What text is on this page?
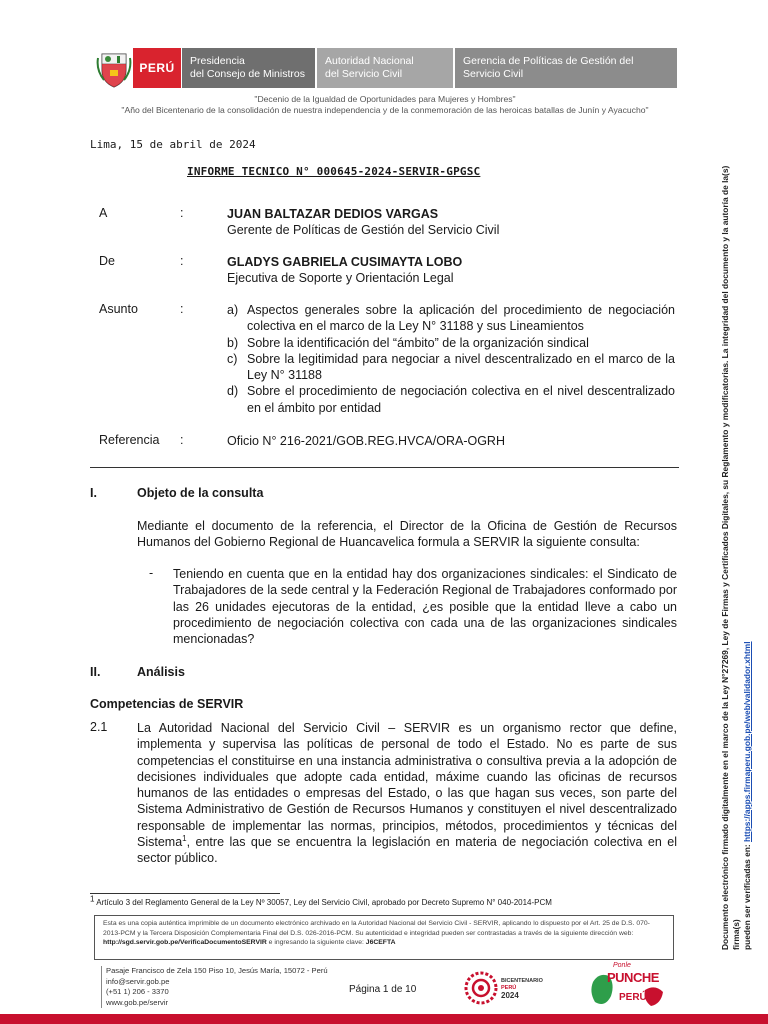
PERÚ Presidencia
del Consejo de Ministros
Autoridad Nacional
del Servicio Civil
Gerencia de Políticas de Gestión del
Servicio Civil
"Decenio de la Igualdad de Oportunidades para Mujeres y Hombres"
"Año del Bicentenario de la consolidación de nuestra independencia y de la conmemoración de las heroicas batallas de Junín y Ayacucho"
Lima, 15 de abril de 2024
INFORME TECNICO N° 000645-2024-SERVIR-GPGSC
A	:	JUAN BALTAZAR DEDIOS VARGAS
Gerente de Políticas de Gestión del Servicio Civil
De	:	GLADYS GABRIELA CUSIMAYTA LOBO
Ejecutiva de Soporte y Orientación Legal
Asunto	:	a) Aspectos generales sobre la aplicación del procedimiento de negociación colectiva en el marco de la Ley N° 31188 y sus Lineamientos
b) Sobre la identificación del “ámbito” de la organización sindical
c) Sobre la legitimidad para negociar a nivel descentralizado en el marco de la Ley N° 31188
d) Sobre el procedimiento de negociación colectiva en el nivel descentralizado en el ámbito por entidad
Referencia :	Oficio N° 216-2021/GOB.REG.HVCA/ORA-OGRH
I.	Objeto de la consulta
Mediante el documento de la referencia, el Director de la Oficina de Gestión de Recursos Humanos del Gobierno Regional de Huancavelica formula a SERVIR la siguiente consulta:
- Teniendo en cuenta que en la entidad hay dos organizaciones sindicales: el Sindicato de Trabajadores de la sede central y la Federación Regional de Trabajadores conformado por las 26 unidades ejecutoras de la entidad, ¿es posible que la entidad lleve a cabo un procedimiento de negociación colectiva con cada una de las organizaciones sindicales mencionadas?
II.	Análisis
Competencias de SERVIR
2.1 La Autoridad Nacional del Servicio Civil – SERVIR es un organismo rector que define, implementa y supervisa las políticas de personal de todo el Estado. No es parte de sus competencias el constituirse en una instancia administrativa o consultiva previa a la adopción de decisiones individuales que adopte cada entidad, máxime cuando las oficinas de recursos humanos de las entidades o empresas del Estado, o las que hagan sus veces, son parte del Sistema Administrativo de Gestión de Recursos Humanos y constituyen el nivel descentralizado responsable de implementar las normas, principios, métodos, procedimientos y técnicas del Sistema$^1$, entre las que se encuentra la legislación en materia de negociación colectiva en el sector público.
$^1$ Artículo 3 del Reglamento General de la Ley Nº 30057, Ley del Servicio Civil, aprobado por Decreto Supremo N° 040-2014-PCM
Esta es una copia auténtica imprimible de un documento electrónico archivado en la Autoridad Nacional del Servicio Civil - SERVIR, aplicando lo dispuesto por el Art. 25 de D.S. 070-2013-PCM y la Tercera Disposición Complementaria Final del D.S. 026-2016-PCM. Su autenticidad e integridad pueden ser contrastadas a través de la siguiente dirección web: http://sgd.servir.gob.pe/VerificaDocumentoSERVIR e ingresando la siguiente clave: J6CEFTA
Pasaje Francisco de Zela 150 Piso 10, Jesús María, 15072 - Perú
info@servir.gob.pe
(+51 1) 206 - 3370
www.gob.pe/servir
Página 1 de 10
BICENTENARIO
PERÚ
2024
Ponle
PUNCHE
PERÚ
Documento electrónico firmado digitalmente en el marco de la Ley N°27269, Ley de Firmas y Certificados Digitales, su Reglamento y modificatorias. La integridad del documento y la autoría de la(s) firma(s) pueden ser verificadas en: https://apps.firmaperu.gob.pe/web/validador.xhtml
